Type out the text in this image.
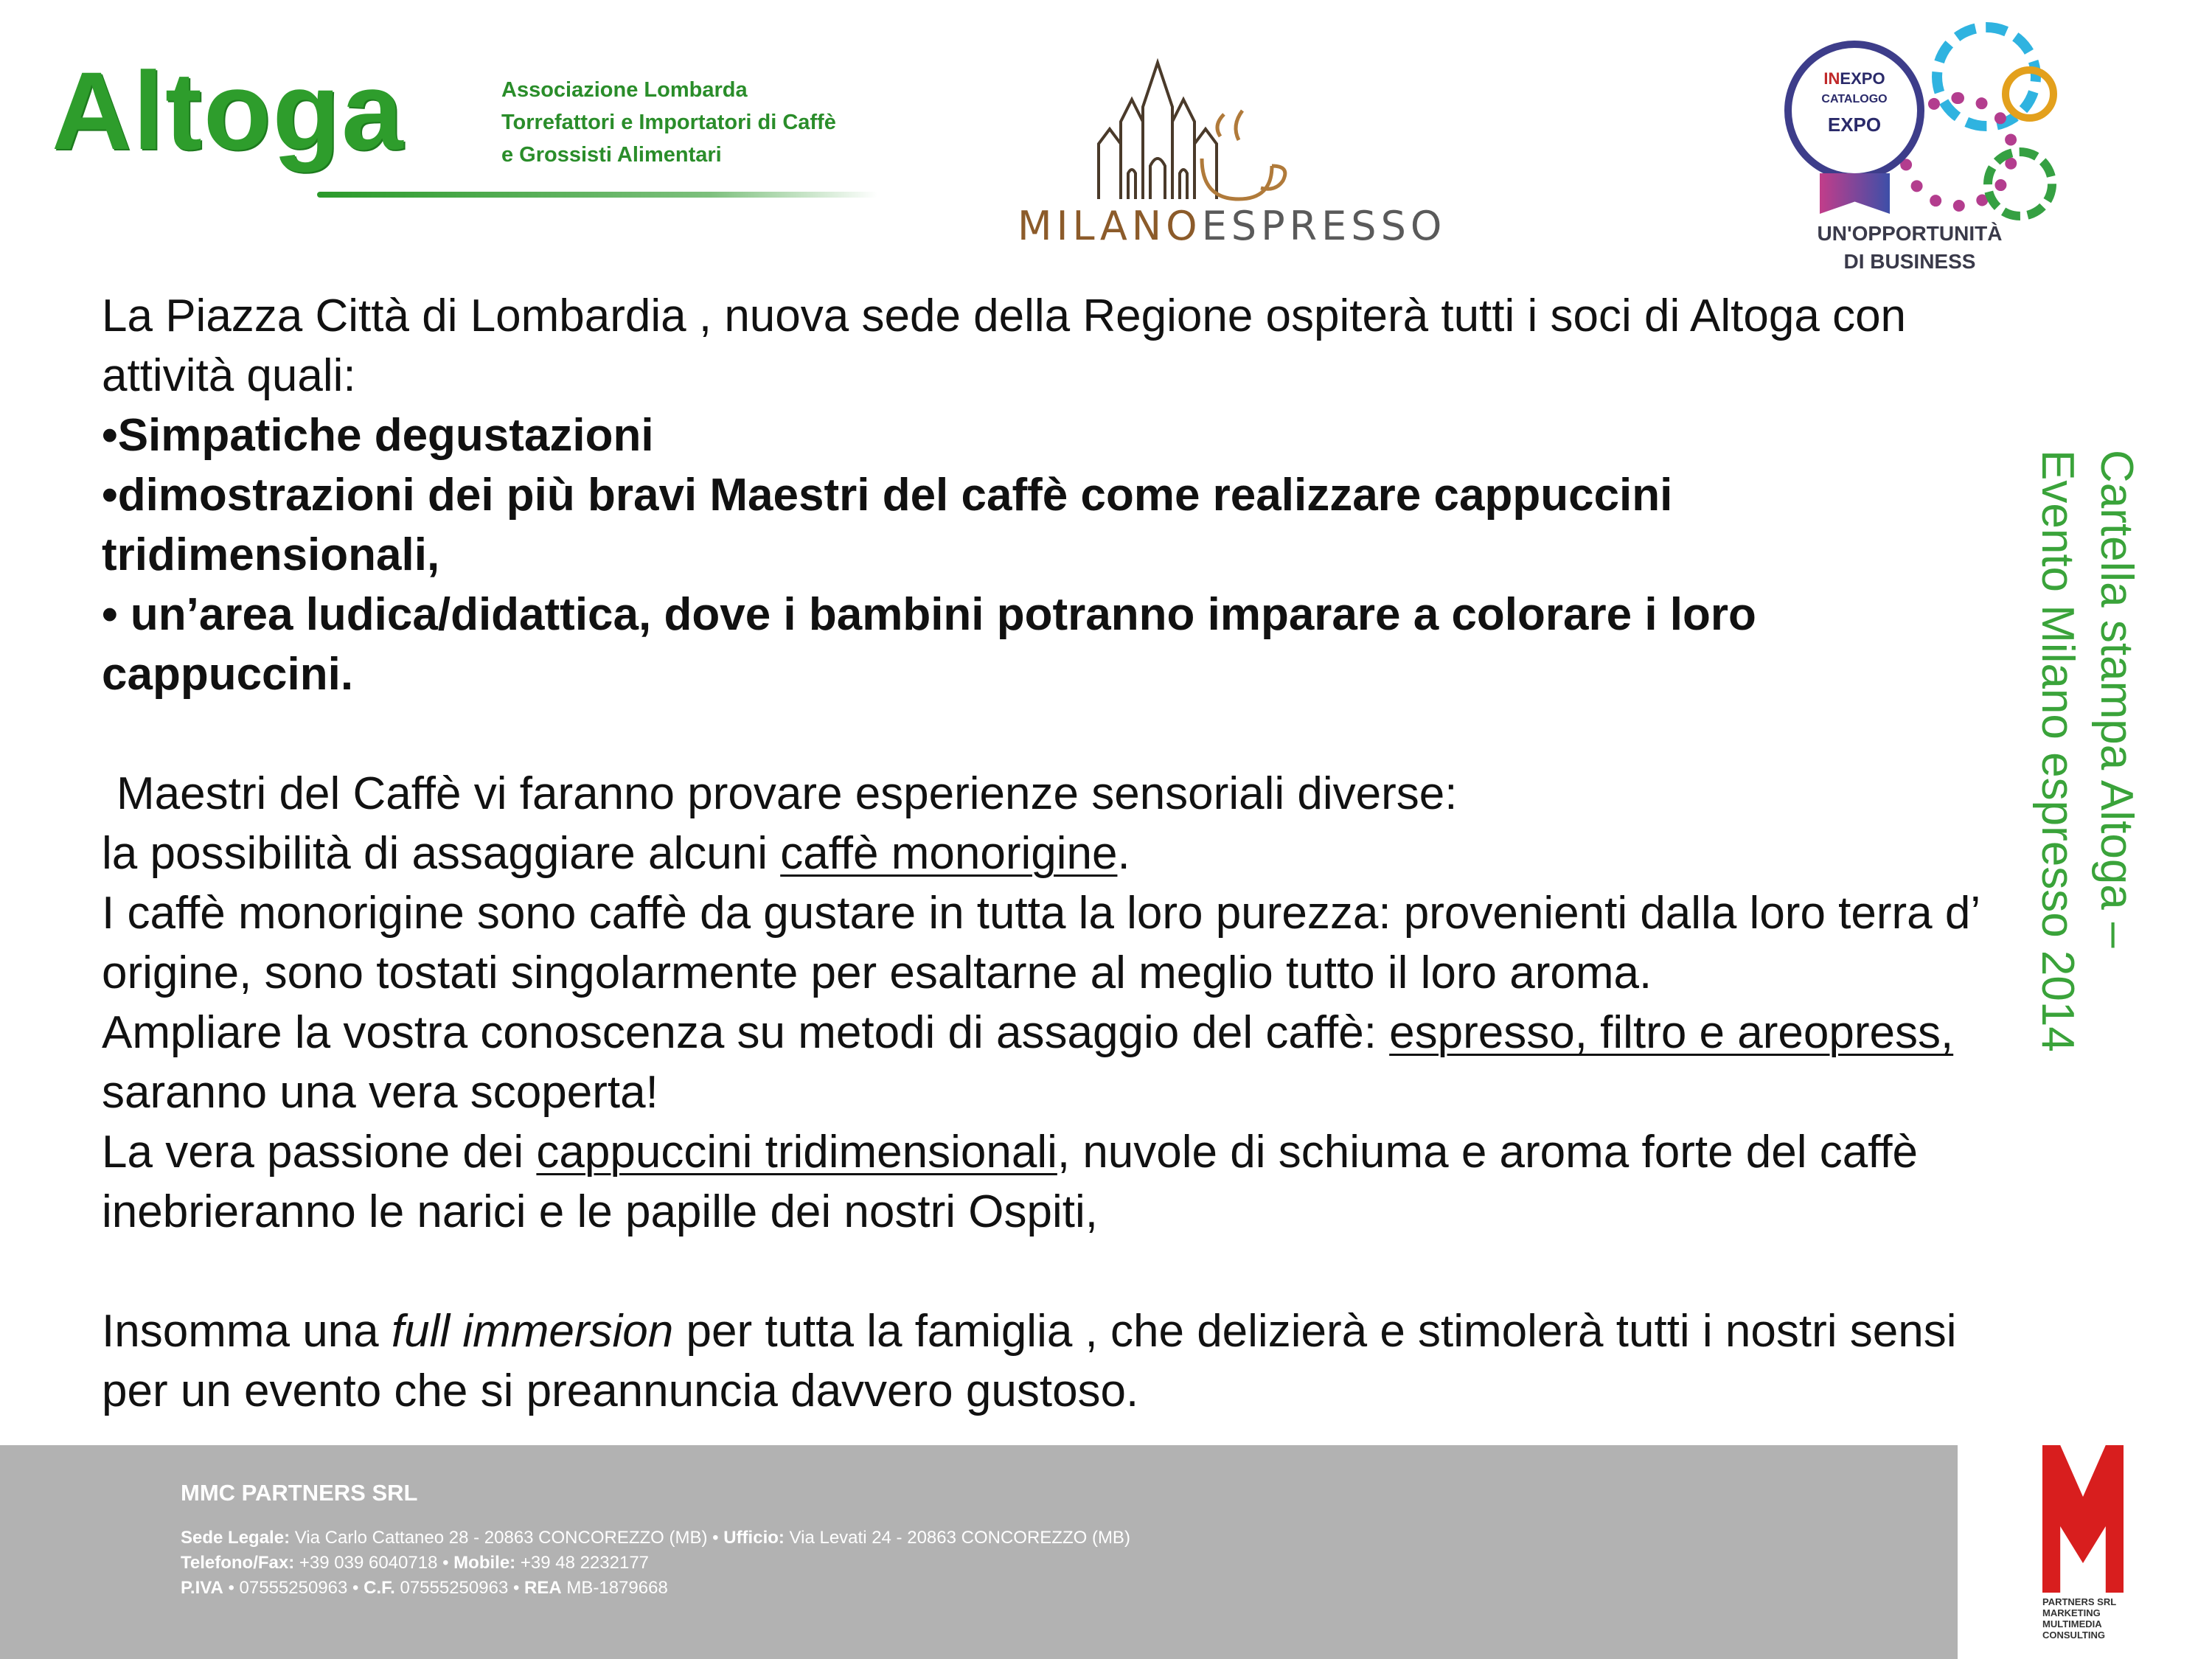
Altoga	Associazione Lombarda
Torrefattori e Importatori di Caffè
e Grossisti Alimentari
MILANOESPRESSO
INEXPO
CATALOGO
EXPO
UN'OPPORTUNITÀ
DI BUSINESS

La Piazza Città di Lombardia , nuova sede della Regione ospiterà tutti i soci di Altoga con attività quali:

•Simpatiche degustazioni

•dimostrazioni dei più bravi Maestri del caffè come realizzare cappuccini tridimensionali,

• un’area ludica/didattica, dove i bambini potranno imparare a colorare i loro cappuccini.

Maestri del Caffè vi faranno provare esperienze sensoriali diverse:

la possibilità di assaggiare alcuni caffè monorigine.

I caffè monorigine sono caffè da gustare in tutta la loro purezza: provenienti dalla loro terra d’ origine, sono tostati singolarmente per esaltarne al meglio tutto il loro aroma.

Ampliare la vostra conoscenza su metodi di assaggio del caffè: espresso, filtro e areopress, saranno una vera scoperta!

La vera passione dei cappuccini tridimensionali, nuvole di schiuma e aroma forte del caffè inebrieranno le narici e le papille dei nostri Ospiti,

Insomma una full immersion per tutta la famiglia , che delizierà e stimolerà tutti i nostri sensi per un evento che si preannuncia davvero gustoso.

Cartella stampa Altoga –
Evento Milano espresso 2014
MMC PARTNERS SRL
Sede Legale: Via Carlo Cattaneo 28 - 20863 CONCOREZZO (MB) • Ufficio: Via Levati 24 - 20863 CONCOREZZO (MB)
Telefono/Fax: +39 039 6040718 • Mobile: +39 48 2232177
P.IVA • 07555250963 • C.F. 07555250963 • REA MB-1879668
PARTNERS SRL
MARKETING
MULTIMEDIA
CONSULTING
